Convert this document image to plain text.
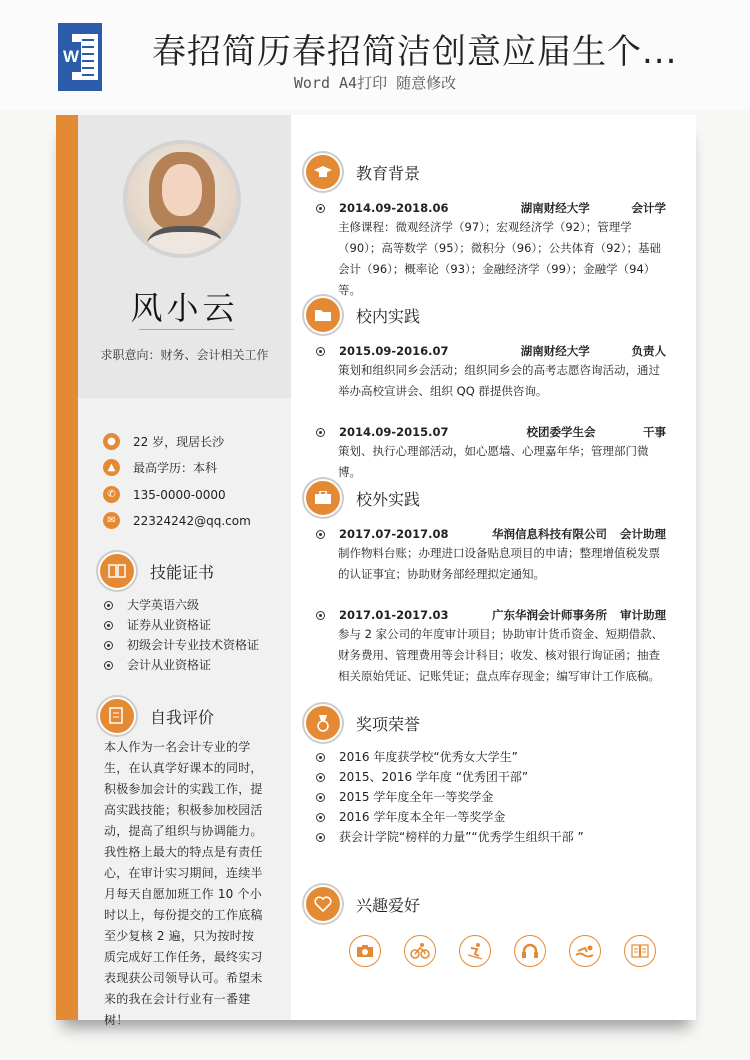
W 春招简历春招简洁创意应届生个...
Word A4打印 随意修改
风小云
求职意向：财务、会计相关工作
●	22 岁，现居长沙
▲	最高学历：本科
✆	135-0000-0000
✉	22324242@qq.com
技能证书
大学英语六级
证券从业资格证
初级会计专业技术资格证
会计从业资格证
自我评价
本人作为一名会计专业的学生，在认真学好课本的同时，积极参加会计的实践工作，提高实践技能；积极参加校园活动，提高了组织与协调能力。我性格上最大的特点是有责任心，在审计实习期间，连续半月每天自愿加班工作 10 个小时以上，每份提交的工作底稿至少复核 2 遍，只为按时按质完成好工作任务，最终实习表现获公司领导认可。希望未来的我在会计行业有一番建树！
教育背景
2014.09-2018.06	湖南财经大学	会计学
主修课程：微观经济学（97）；宏观经济学（92）；管理学（90）；高等数学（95）；微积分（96）；公共体育（92）；基础会计（96）；概率论（93）；金融经济学（99）；金融学（94）等。
校内实践
2015.09-2016.07	湖南财经大学	负责人
策划和组织同乡会活动；组织同乡会的高考志愿咨询活动，通过举办高校宣讲会、组织 QQ 群提供咨询。
2014.09-2015.07	校团委学生会	干事
策划、执行心理部活动，如心愿墙、心理嘉年华；管理部门微博。
校外实践
2017.07-2017.08	华润信息科技有限公司	会计助理
制作物料台账；办理进口设备贴息项目的申请；整理增值税发票的认证事宜；协助财务部经理拟定通知。
2017.01-2017.03	广东华润会计师事务所	审计助理
参与 2 家公司的年度审计项目；协助审计货币资金、短期借款、财务费用、管理费用等会计科目；收发、核对银行询证函；抽查相关原始凭证、记账凭证；盘点库存现金；编写审计工作底稿。
奖项荣誉
2016 年度获学校“优秀女大学生”
2015、2016 学年度 “优秀团干部”
2015 学年度全年一等奖学金
2016 学年度本全年一等奖学金
获会计学院“榜样的力量”“优秀学生组织干部 ”
兴趣爱好
